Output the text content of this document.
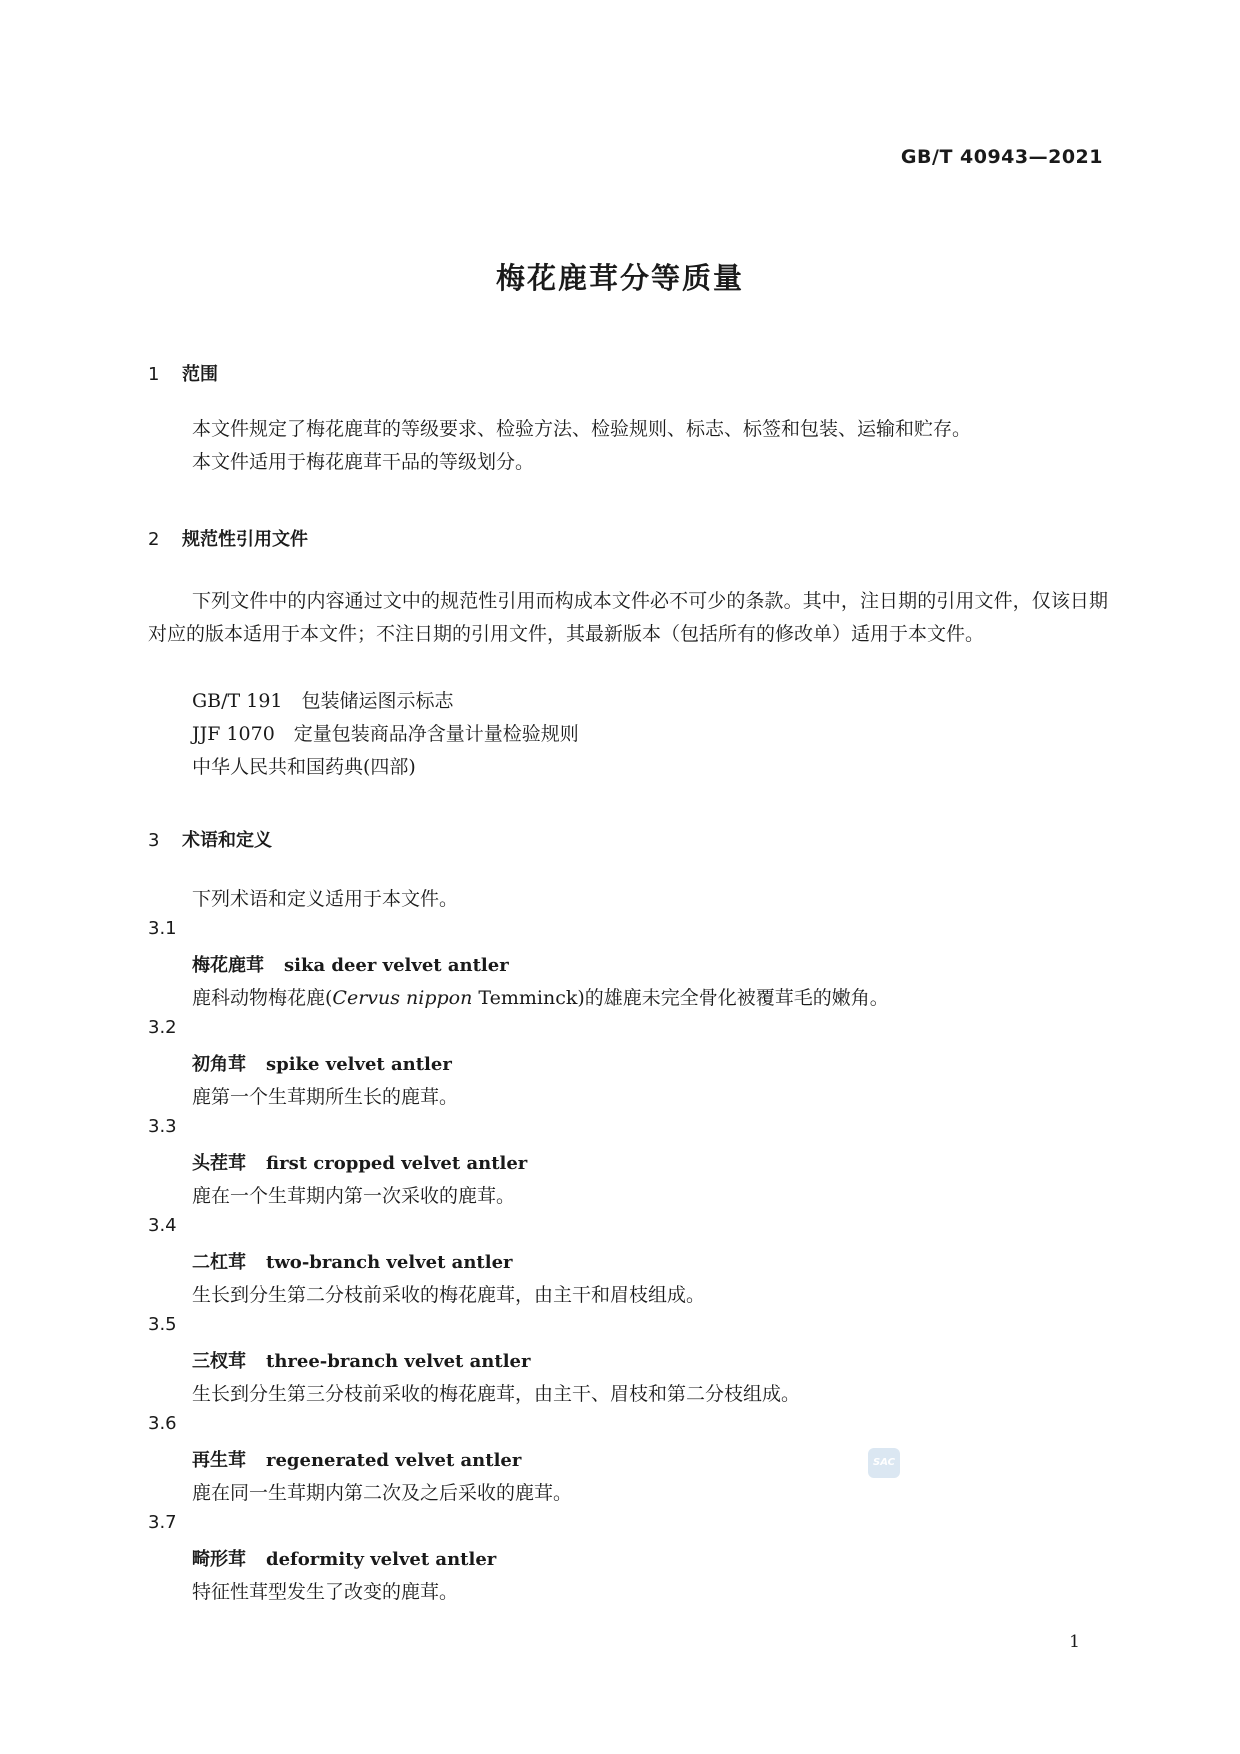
GB/T 40943—2021
梅花鹿茸分等质量
1 范围
本文件规定了梅花鹿茸的等级要求、检验方法、检验规则、标志、标签和包装、运输和贮存。
本文件适用于梅花鹿茸干品的等级划分。
2 规范性引用文件
下列文件中的内容通过文中的规范性引用而构成本文件必不可少的条款。其中，注日期的引用文件，仅该日期对应的版本适用于本文件；不注日期的引用文件，其最新版本（包括所有的修改单）适用于本文件。
GB/T 191　包装储运图示标志
JJF 1070　定量包装商品净含量计量检验规则
中华人民共和国药典(四部)
3 术语和定义
下列术语和定义适用于本文件。
3.1
梅花鹿茸 sika deer velvet antler
鹿科动物梅花鹿(Cervus nippon Temminck)的雄鹿未完全骨化被覆茸毛的嫩角。
3.2
初角茸 spike velvet antler
鹿第一个生茸期所生长的鹿茸。
3.3
头茬茸 first cropped velvet antler
鹿在一个生茸期内第一次采收的鹿茸。
3.4
二杠茸 two-branch velvet antler
生长到分生第二分枝前采收的梅花鹿茸，由主干和眉枝组成。
3.5
三杈茸 three-branch velvet antler
生长到分生第三分枝前采收的梅花鹿茸，由主干、眉枝和第二分枝组成。
3.6
再生茸 regenerated velvet antler
鹿在同一生茸期内第二次及之后采收的鹿茸。
3.7
畸形茸 deformity velvet antler
特征性茸型发生了改变的鹿茸。
SAC
1
